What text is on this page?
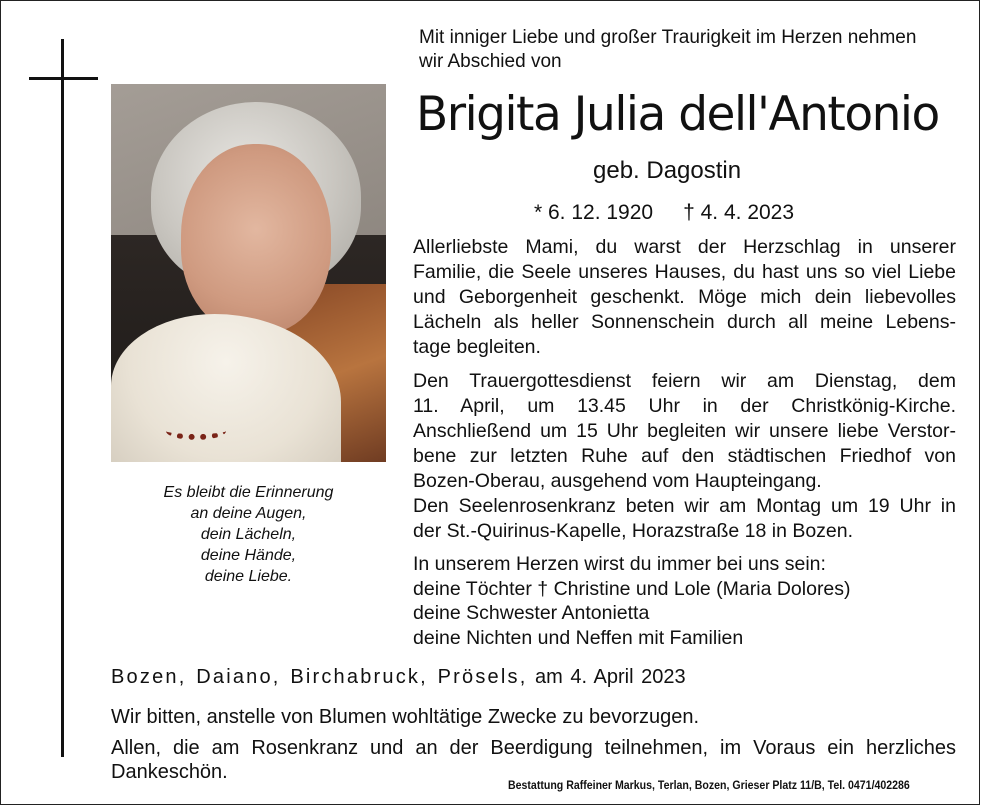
Es bleibt die Erinnerung
an deine Augen,
dein Lächeln,
deine Hände,
deine Liebe.
Mit inniger Liebe und großer Traurigkeit im Herzen nehmen
wir Abschied von
Brigita Julia dell'Antonio
geb. Dagostin
* 6. 12. 1920 † 4. 4. 2023
Allerliebste Mami, du warst der Herzschlag in unserer
Familie, die Seele unseres Hauses, du hast uns so viel Liebe
und Geborgenheit geschenkt. Möge mich dein liebevolles
Lächeln als heller Sonnenschein durch all meine Lebens-
tage begleiten.
Den Trauergottesdienst feiern wir am Dienstag, dem
11. April, um 13.45 Uhr in der Christkönig-Kirche.
Anschließend um 15 Uhr begleiten wir unsere liebe Verstor-
bene zur letzten Ruhe auf den städtischen Friedhof von
Bozen-Oberau, ausgehend vom Haupteingang.
Den Seelenrosenkranz beten wir am Montag um 19 Uhr in
der St.-Quirinus-Kapelle, Horazstraße 18 in Bozen.
In unserem Herzen wirst du immer bei uns sein:
deine Töchter † Christine und Lole (Maria Dolores)
deine Schwester Antonietta
deine Nichten und Neffen mit Familien
Bozen, Daiano, Birchabruck, Prösels, am 4. April 2023
Wir bitten, anstelle von Blumen wohltätige Zwecke zu bevorzugen.
Allen, die am Rosenkranz und an der Beerdigung teilnehmen, im Voraus ein herzliches
Dankeschön.
Bestattung Raffeiner Markus, Terlan, Bozen, Grieser Platz 11/B, Tel. 0471/402286
